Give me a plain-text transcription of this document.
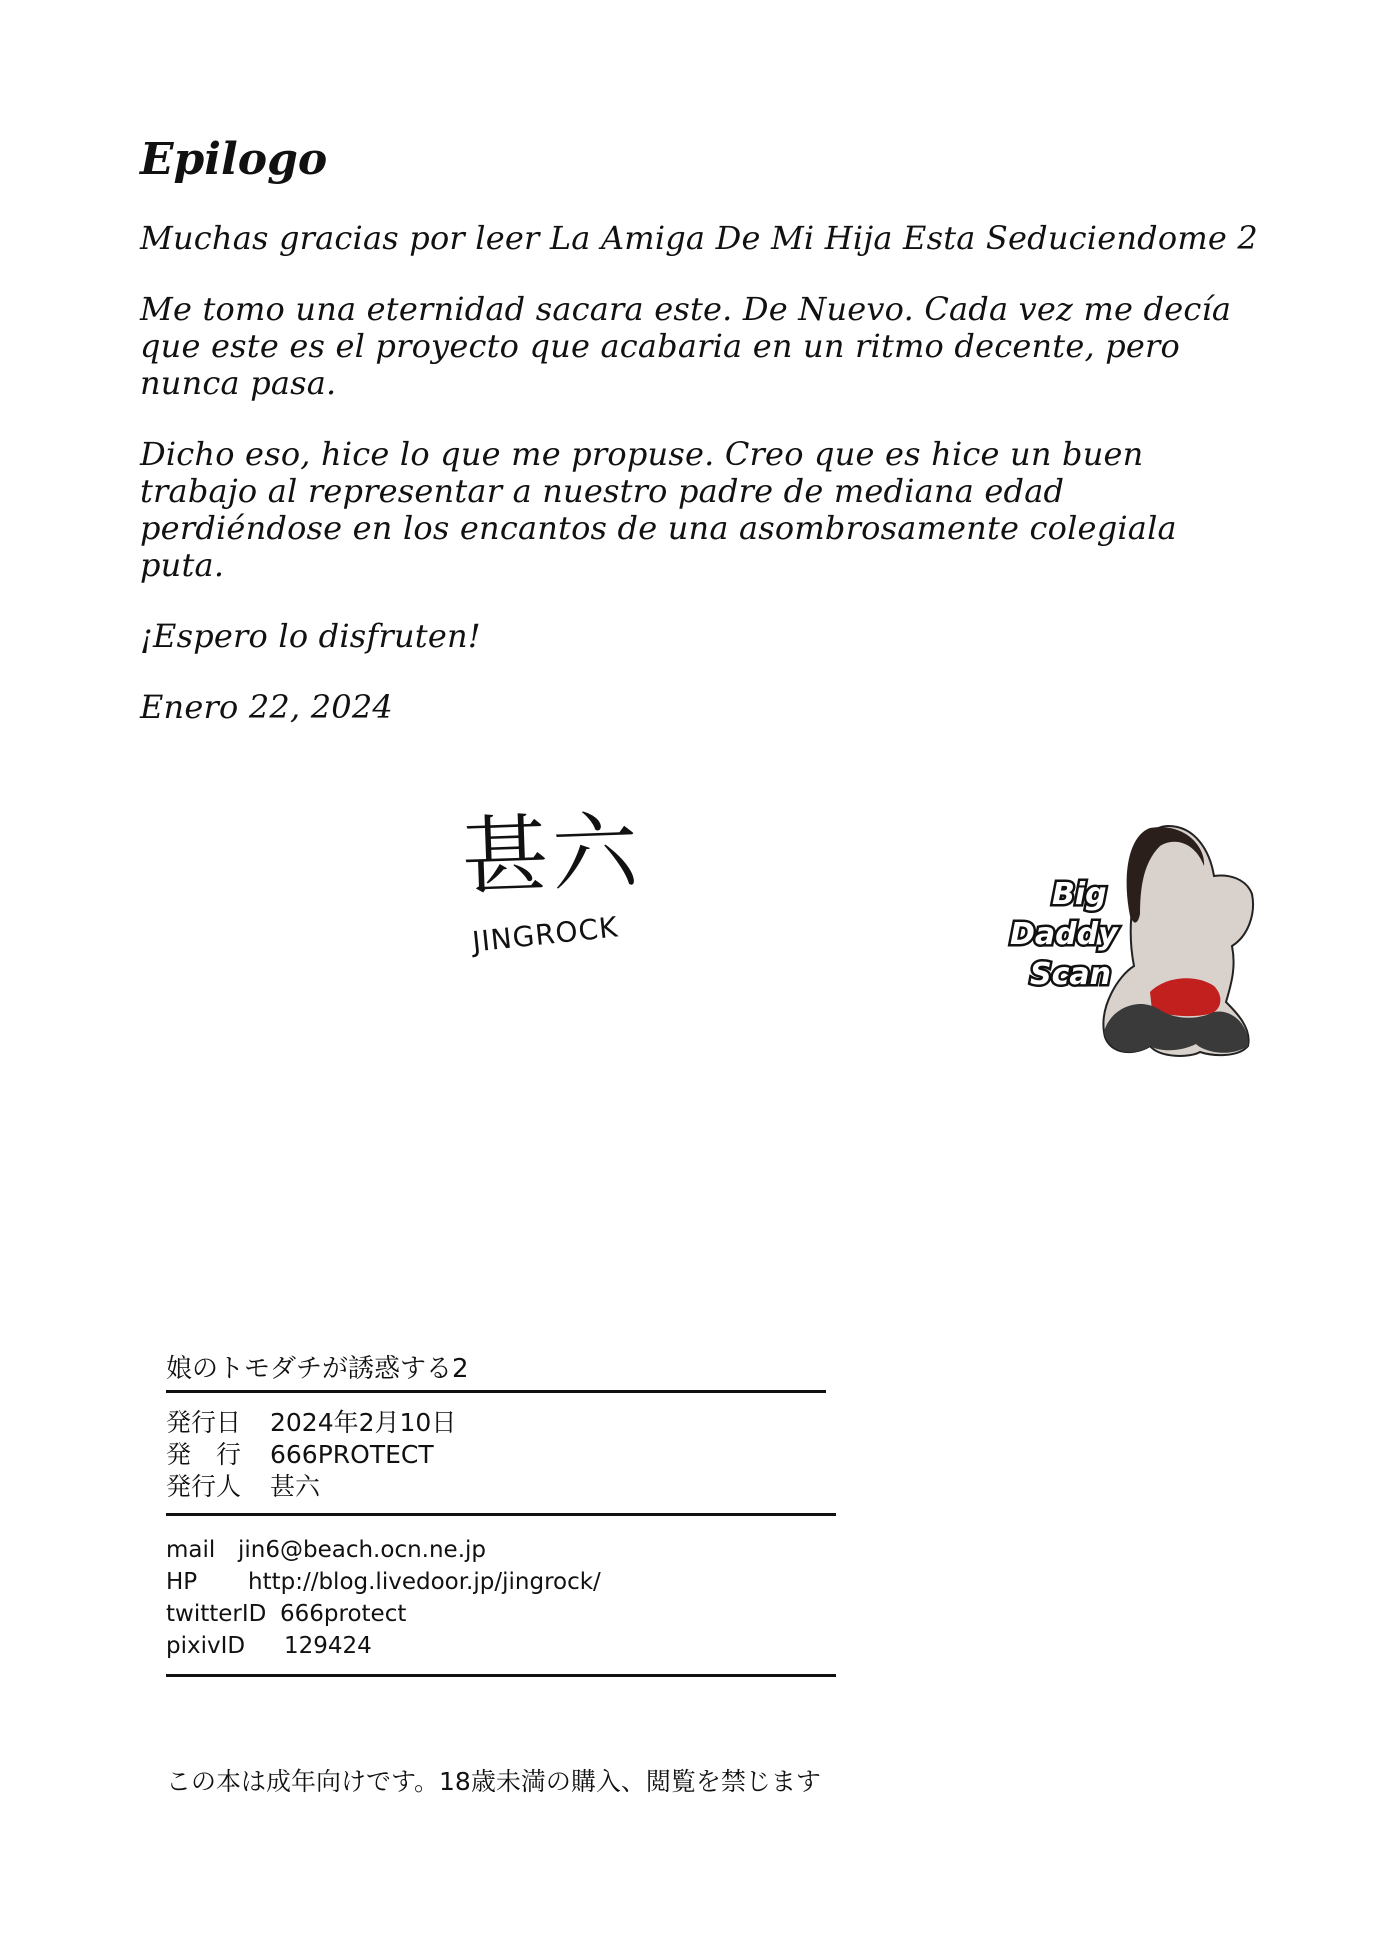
Epilogo

Muchas gracias por leer La Amiga De Mi Hija Esta Seduciendome 2

Me tomo una eternidad sacara este. De Nuevo. Cada vez me decía que este es el proyecto que acabaria en un ritmo decente, pero nunca pasa.

Dicho eso, hice lo que me propuse. Creo que es hice un buen trabajo al representar a nuestro padre de mediana edad perdiéndose en los encantos de una asombrosamente colegiala puta.

¡Espero lo disfruten!

Enero 22, 2024

甚六
JINGROCK
Big
Daddy
Scan
娘のトモダチが誘惑する2
発行日	2024年2月10日
発　行	666PROTECT
発行人	甚六
mail jin6@beach.ocn.ne.jp
HP	http://blog.livedoor.jp/jingrock/
twitterID 666protect
pixivID	129424
この本は成年向けです。18歳未満の購入、閲覧を禁じます
